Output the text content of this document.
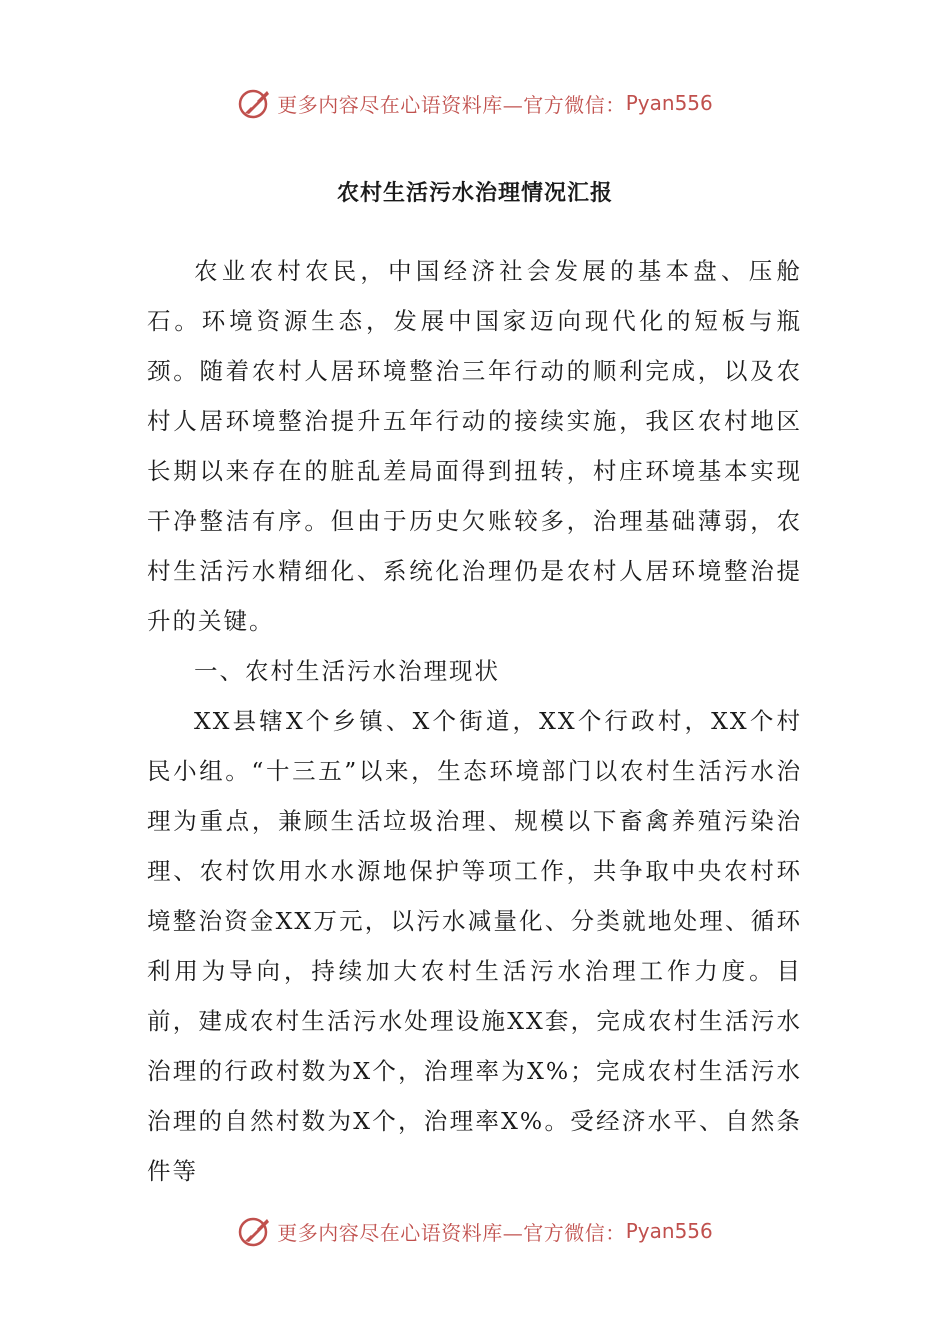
更多内容尽在心语资料库—官方微信： Pyan556
农村生活污水治理情况汇报

农业农村农民，中国经济社会发展的基本盘、压舱石。环境资源生态，发展中国家迈向现代化的短板与瓶颈。随着农村人居环境整治三年行动的顺利完成，以及农村人居环境整治提升五年行动的接续实施，我区农村地区长期以来存在的脏乱差局面得到扭转，村庄环境基本实现干净整洁有序。但由于历史欠账较多，治理基础薄弱，农村生活污水精细化、系统化治理仍是农村人居环境整治提升的关键。

一、农村生活污水治理现状

XX县辖X个乡镇、X个街道，XX个行政村，XX个村民小组。“十三五”以来，生态环境部门以农村生活污水治理为重点，兼顾生活垃圾治理、规模以下畜禽养殖污染治理、农村饮用水水源地保护等项工作，共争取中央农村环境整治资金XX万元，以污水减量化、分类就地处理、循环利用为导向，持续加大农村生活污水治理工作力度。目前，建成农村生活污水处理设施XX套，完成农村生活污水治理的行政村数为X个，治理率为X%；完成农村生活污水治理的自然村数为X个，治理率X%。受经济水平、自然条件等

更多内容尽在心语资料库—官方微信： Pyan556
